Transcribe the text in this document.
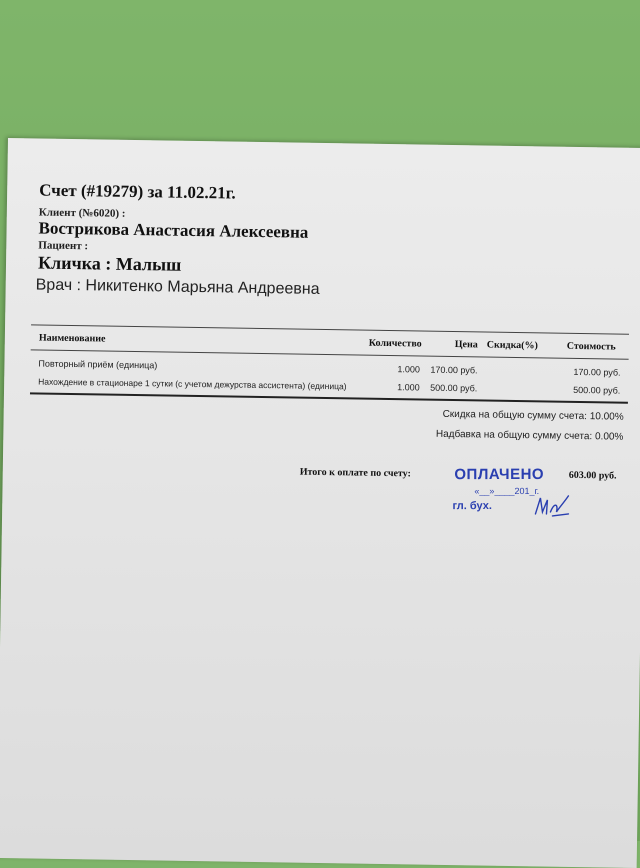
Счет (#19279) за 11.02.21г.
Клиент (№6020) :
Вострикова Анастасия Алексеевна
Пациент :
Кличка : Малыш
Врач : Никитенко Марьяна Андреевна
Наименование	Количество	Цена Скидка(%)	Стоимость
Повторный приём (единица)	1.000 170.00 руб.	170.00 руб.
Нахождение в стационаре 1 сутки (с учетом дежурства ассистента) (единица)	1.000 500.00 руб.	500.00 руб.
Скидка на общую сумму счета: 10.00%
Надбавка на общую сумму счета: 0.00%
Итого к оплате по счету:	ОПЛАЧЕНО
«__»____201_г.
гл. бух.
603.00 руб.
